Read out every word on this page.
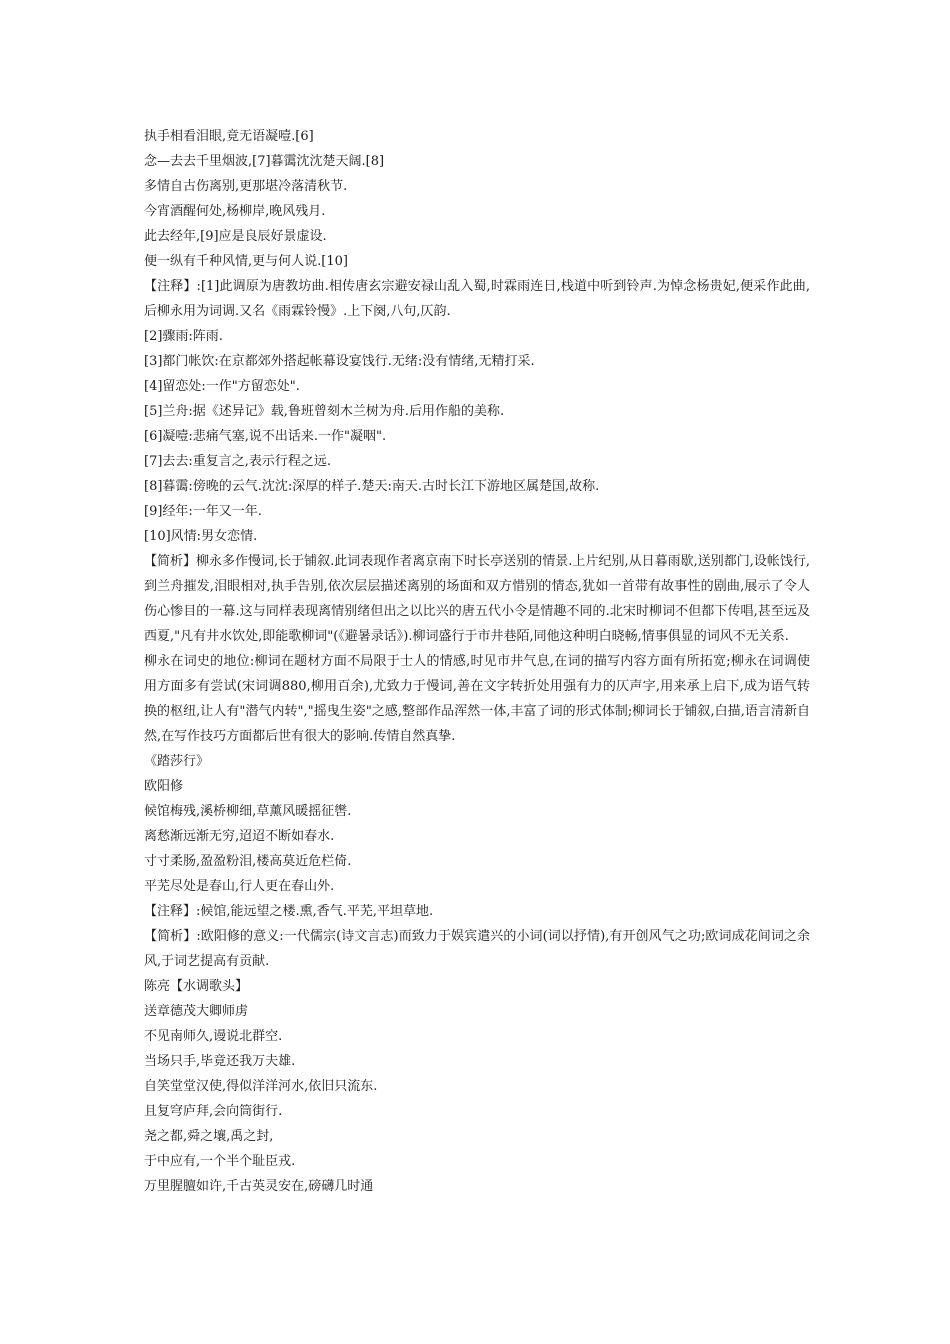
执手相看泪眼,竟无语凝噎.[6]
念—去去千里烟波,[7]暮霭沈沈楚天阔.[8]
多情自古伤离别,更那堪冷落清秋节.
今宵酒醒何处,杨柳岸,晚风残月.
此去经年,[9]应是良辰好景虚设.
便一纵有千种风情,更与何人说.[10]
【注释】:[1]此调原为唐教坊曲.相传唐玄宗避安禄山乱入蜀,时霖雨连日,栈道中听到铃声.为悼念杨贵妃,便采作此曲,后柳永用为词调.又名《雨霖铃慢》.上下阕,八句,仄韵.
[2]骤雨:阵雨.
[3]都门帐饮:在京都郊外搭起帐幕设宴饯行.无绪:没有情绪,无精打采.
[4]留恋处:一作"方留恋处".
[5]兰舟:据《述异记》载,鲁班曾刻木兰树为舟.后用作船的美称.
[6]凝噎:悲痛气塞,说不出话来.一作"凝咽".
[7]去去:重复言之,表示行程之远.
[8]暮霭:傍晚的云气.沈沈:深厚的样子.楚天:南天.古时长江下游地区属楚国,故称.
[9]经年:一年又一年.
[10]风情:男女恋情.
【简析】柳永多作慢词,长于铺叙.此词表现作者离京南下时长亭送别的情景.上片纪别,从日暮雨歇,送别都门,设帐饯行,到兰舟摧发,泪眼相对,执手告别,依次层层描述离别的场面和双方惜别的情态,犹如一首带有故事性的剧曲,展示了令人伤心惨目的一幕.这与同样表现离情别绪但出之以比兴的唐五代小令是情趣不同的.北宋时柳词不但都下传唱,甚至远及西夏,"凡有井水饮处,即能歌柳词"(《避暑录话》).柳词盛行于市井巷陌,同他这种明白晓畅,情事俱显的词风不无关系.
柳永在词史的地位:柳词在题材方面不局限于士人的情感,时见市井气息,在词的描写内容方面有所拓宽;柳永在词调使用方面多有尝试(宋词调880,柳用百余),尤致力于慢词,善在文字转折处用强有力的仄声字,用来承上启下,成为语气转换的枢纽,让人有"潜气内转","摇曳生姿"之感,整部作品浑然一体,丰富了词的形式体制;柳词长于铺叙,白描,语言清新自然,在写作技巧方面都后世有很大的影响.传情自然真挚.
《踏莎行》
欧阳修
候馆梅残,溪桥柳细,草薰风暖摇征辔.
离愁渐远渐无穷,迢迢不断如春水.
寸寸柔肠,盈盈粉泪,楼高莫近危栏倚.
平芜尽处是春山,行人更在春山外.
【注释】:候馆,能远望之楼.熏,香气.平芜,平坦草地.
【简析】:欧阳修的意义:一代儒宗(诗文言志)而致力于娱宾遣兴的小词(词以抒情),有开创风气之功;欧词成花间词之余风,于词艺提高有贡献.
陈亮【水调歌头】
送章德茂大卿师虏
不见南师久,谩说北群空.
当场只手,毕竟还我万夫雄.
自笑堂堂汉使,得似洋洋河水,依旧只流东.
且复穹庐拜,会向筒街行.
尧之都,舜之壤,禹之封,
于中应有,一个半个耻臣戎.
万里腥膻如许,千古英灵安在,磅礴几时通
